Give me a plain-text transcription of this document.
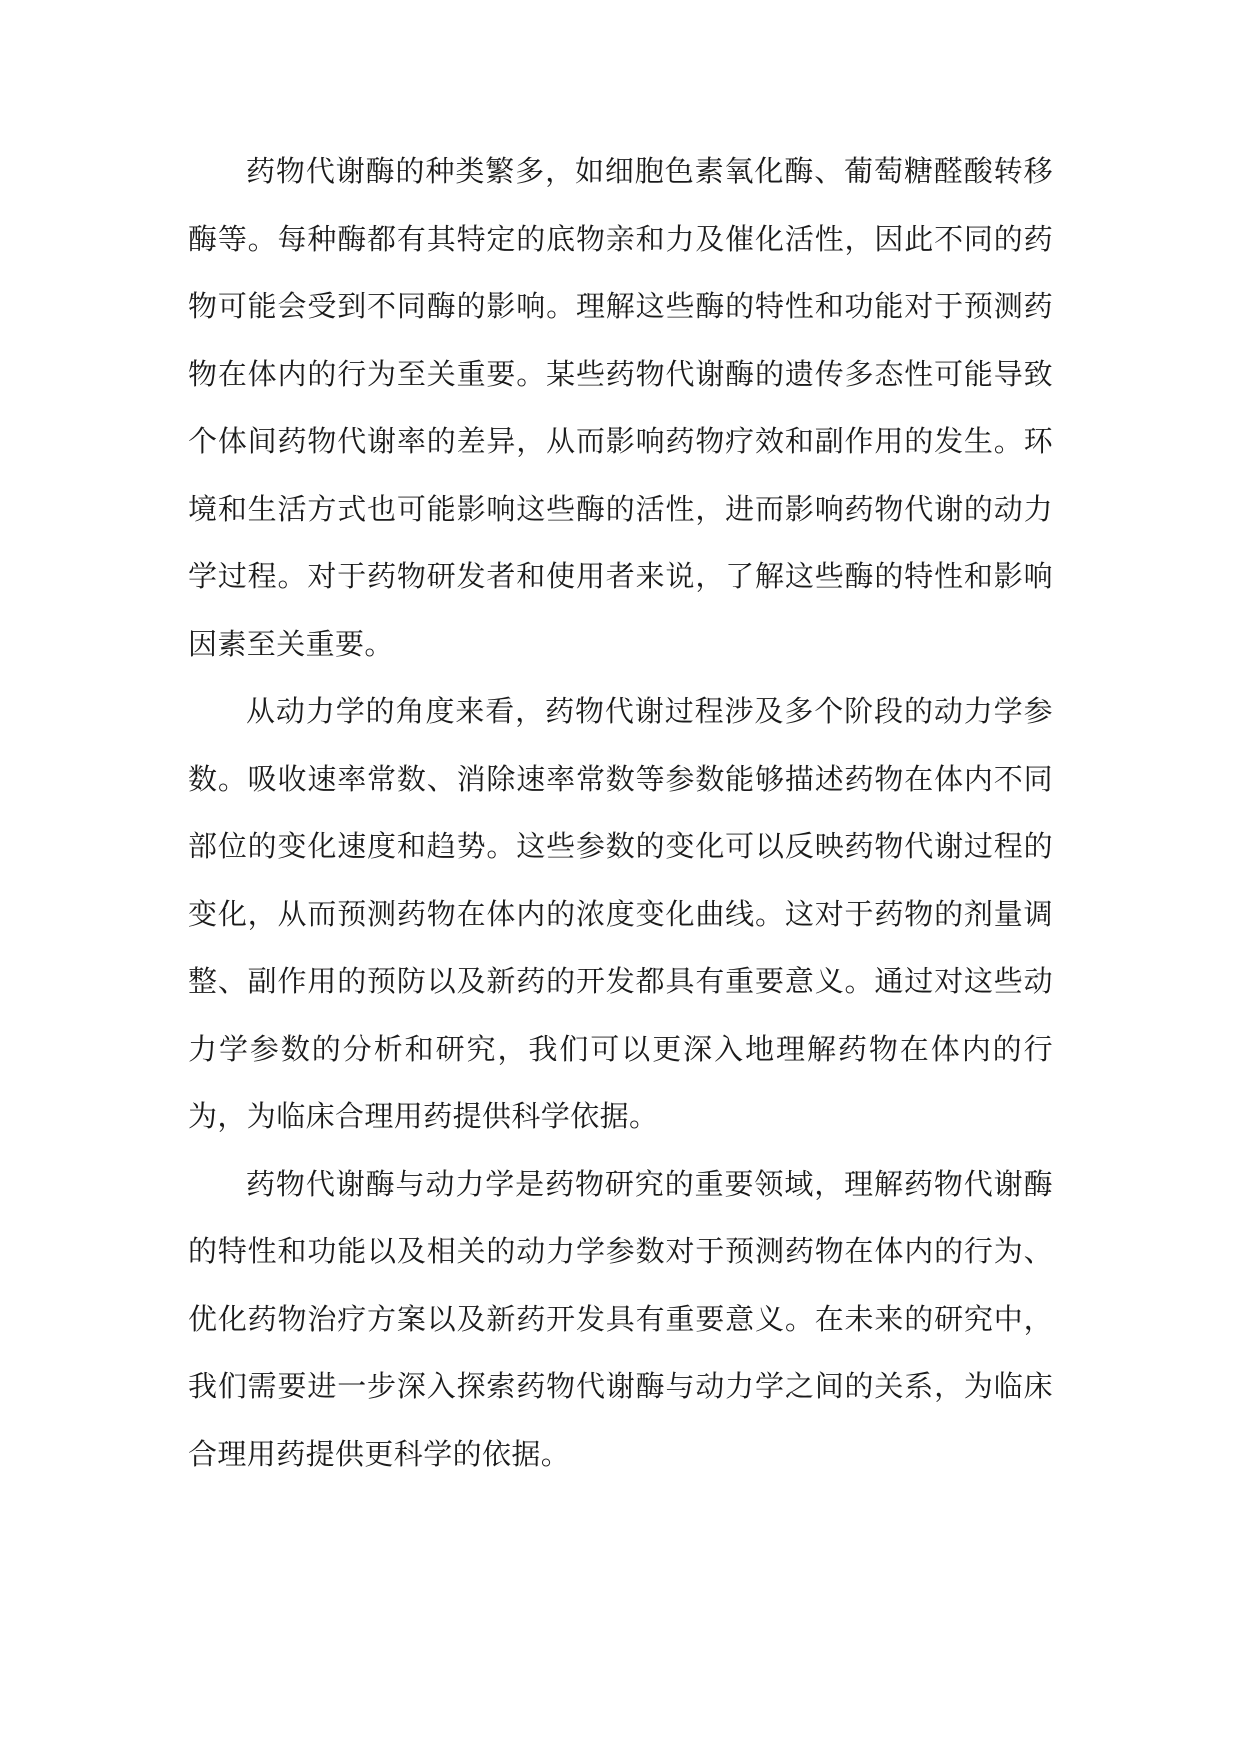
药物代谢酶的种类繁多，如细胞色素氧化酶、葡萄糖醛酸转移酶等。每种酶都有其特定的底物亲和力及催化活性，因此不同的药物可能会受到不同酶的影响。理解这些酶的特性和功能对于预测药物在体内的行为至关重要。某些药物代谢酶的遗传多态性可能导致个体间药物代谢率的差异，从而影响药物疗效和副作用的发生。环境和生活方式也可能影响这些酶的活性，进而影响药物代谢的动力学过程。对于药物研发者和使用者来说，了解这些酶的特性和影响因素至关重要。

从动力学的角度来看，药物代谢过程涉及多个阶段的动力学参数。吸收速率常数、消除速率常数等参数能够描述药物在体内不同部位的变化速度和趋势。这些参数的变化可以反映药物代谢过程的变化，从而预测药物在体内的浓度变化曲线。这对于药物的剂量调整、副作用的预防以及新药的开发都具有重要意义。通过对这些动力学参数的分析和研究，我们可以更深入地理解药物在体内的行为，为临床合理用药提供科学依据。

药物代谢酶与动力学是药物研究的重要领域，理解药物代谢酶的特性和功能以及相关的动力学参数对于预测药物在体内的行为、优化药物治疗方案以及新药开发具有重要意义。在未来的研究中，我们需要进一步深入探索药物代谢酶与动力学之间的关系，为临床合理用药提供更科学的依据。
